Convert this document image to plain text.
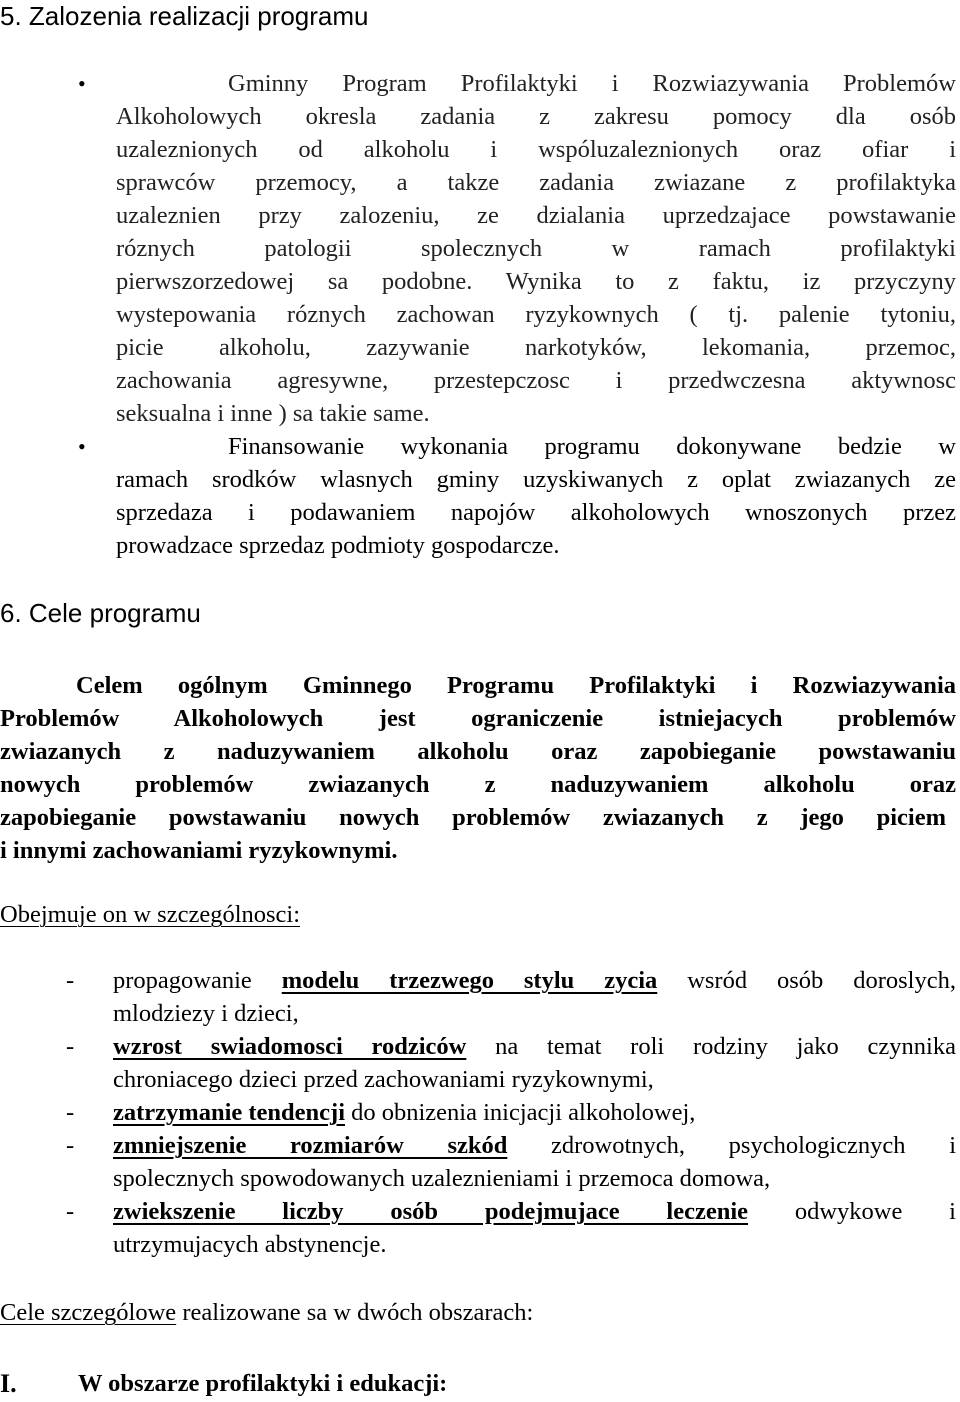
5. Zalozenia realizacji programu
•	Gminny Program Profilaktyki i Rozwiazywania Problemów
Alkoholowych okresla zadania z zakresu pomocy dla osób
uzaleznionych od alkoholu i wspóluzaleznionych oraz ofiar i
sprawców przemocy, a takze zadania zwiazane z profilaktyka
uzaleznien przy zalozeniu, ze dzialania uprzedzajace powstawanie
róznych patologii spolecznych w ramach profilaktyki
pierwszorzedowej sa podobne. Wynika to z faktu, iz przyczyny
wystepowania róznych zachowan ryzykownych ( tj. palenie tytoniu,
picie alkoholu, zazywanie narkotyków, lekomania, przemoc,
zachowania agresywne, przestepczosc i przedwczesna aktywnosc
seksualna i inne ) sa takie same.
•	Finansowanie wykonania programu dokonywane bedzie w
ramach srodków wlasnych gminy uzyskiwanych z oplat zwiazanych ze
sprzedaza i podawaniem napojów alkoholowych wnoszonych przez
prowadzace sprzedaz podmioty gospodarcze.
6. Cele programu
Celem ogólnym Gminnego Programu Profilaktyki i Rozwiazywania
Problemów Alkoholowych jest ograniczenie istniejacych problemów
zwiazanych z naduzywaniem alkoholu oraz zapobieganie powstawaniu
nowych problemów zwiazanych z naduzywaniem alkoholu oraz
zapobieganie powstawaniu nowych problemów zwiazanych z jego piciem
i innymi zachowaniami ryzykownymi.
Obejmuje on w szczególnosci:
- propagowanie modelu trzezwego stylu zycia wsród osób doroslych,
mlodziezy i dzieci,
- wzrost swiadomosci rodziców na temat roli rodziny jako czynnika
chroniacego dzieci przed zachowaniami ryzykownymi,
- zatrzymanie tendencji do obnizenia inicjacji alkoholowej,
- zmniejszenie rozmiarów szkód zdrowotnych, psychologicznych i
spolecznych spowodowanych uzaleznieniami i przemoca domowa,
- zwiekszenie liczby osób podejmujace leczenie odwykowe i
utrzymujacych abstynencje.
Cele szczególowe realizowane sa w dwóch obszarach:
I.	W obszarze profilaktyki i edukacji:
